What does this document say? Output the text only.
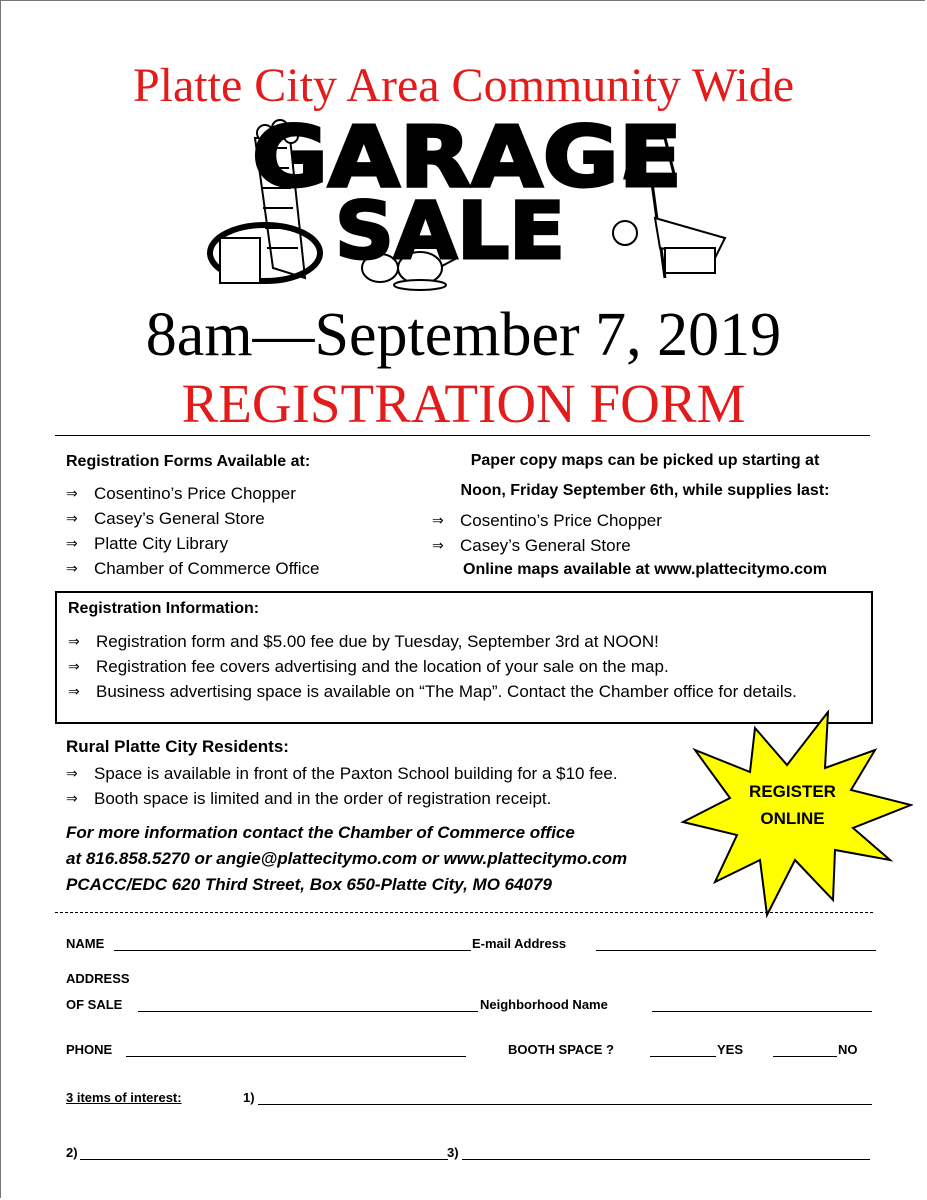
Platte City Area Community Wide
GARAGE
SALE
8am—September 7, 2019
REGISTRATION FORM
Registration Forms Available at:
⇒ Cosentino’s Price Chopper
⇒ Casey’s General Store
⇒ Platte City Library
⇒ Chamber of Commerce Office
Paper copy maps can be picked up starting at
Noon, Friday September 6th, while supplies last:
⇒ Cosentino’s Price Chopper
⇒ Casey’s General Store
Online maps available at www.plattecitymo.com
Registration Information:
⇒ Registration form and $5.00 fee due by Tuesday, September 3rd at NOON!
⇒ Registration fee covers advertising and the location of your sale on the map.
⇒ Business advertising space is available on “The Map”. Contact the Chamber office for details.
Rural Platte City Residents:
⇒ Space is available in front of the Paxton School building for a $10 fee.
⇒ Booth space is limited and in the order of registration receipt.
For more information contact the Chamber of Commerce office
at 816.858.5270 or angie@plattecitymo.com or www.plattecitymo.com
PCACC/EDC 620 Third Street, Box 650-Platte City, MO 64079
REGISTER
ONLINE
NAME	E-mail Address
ADDRESS
OF SALE	Neighborhood Name
PHONE	BOOTH SPACE ?	YES	NO
3 items of interest:	1)
2)	3)
